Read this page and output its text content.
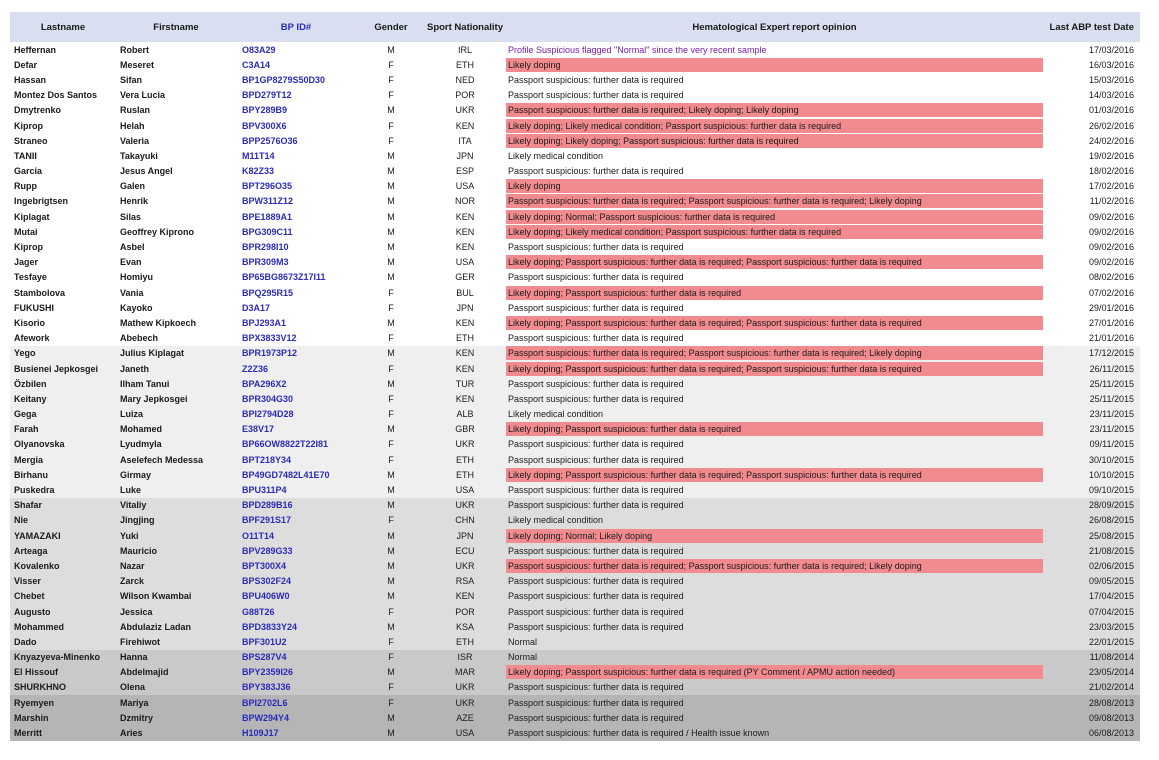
Lastname	Firstname	BP ID#	Gender	Sport Nationality	Hematological Expert report opinion	Last ABP test Date
Heffernan	Robert	O83A29	M	IRL	Profile Suspicious flagged "Normal" since the very recent sample	17/03/2016
Defar	Meseret	C3A14	F	ETH	Likely doping	16/03/2016
Hassan	Sifan	BP1GP8279S50D30	F	NED	Passport suspicious: further data is required	15/03/2016
Montez Dos Santos	Vera Lucia	BPD279T12	F	POR	Passport suspicious: further data is required	14/03/2016
Dmytrenko	Ruslan	BPY289B9	M	UKR	Passport suspicious: further data is required; Likely doping; Likely doping	01/03/2016
Kiprop	Helah	BPV300X6	F	KEN	Likely doping; Likely medical condition; Passport suspicious: further data is required	26/02/2016
Straneo	Valeria	BPP2576O36	F	ITA	Likely doping; Likely doping; Passport suspicious: further data is required	24/02/2016
TANII	Takayuki	M11T14	M	JPN	Likely medical condition	19/02/2016
Garcia	Jesus Angel	K82Z33	M	ESP	Passport suspicious: further data is required	18/02/2016
Rupp	Galen	BPT296O35	M	USA	Likely doping	17/02/2016
Ingebrigtsen	Henrik	BPW311Z12	M	NOR	Passport suspicious: further data is required; Passport suspicious: further data is required; Likely doping	11/02/2016
Kiplagat	Silas	BPE1889A1	M	KEN	Likely doping; Normal; Passport suspicious: further data is required	09/02/2016
Mutai	Geoffrey Kiprono	BPG309C11	M	KEN	Likely doping; Likely medical condition; Passport suspicious: further data is required	09/02/2016
Kiprop	Asbel	BPR298I10	M	KEN	Passport suspicious: further data is required	09/02/2016
Jager	Evan	BPR309M3	M	USA	Likely doping; Passport suspicious: further data is required; Passport suspicious: further data is required	09/02/2016
Tesfaye	Homiyu	BP65BG8673Z17I11	M	GER	Passport suspicious: further data is required	08/02/2016
Stambolova	Vania	BPQ295R15	F	BUL	Likely doping; Passport suspicious: further data is required	07/02/2016
FUKUSHI	Kayoko	D3A17	F	JPN	Passport suspicious: further data is required	29/01/2016
Kisorio	Mathew Kipkoech	BPJ293A1	M	KEN	Likely doping; Passport suspicious: further data is required; Passport suspicious: further data is required	27/01/2016
Afework	Abebech	BPX3833V12	F	ETH	Passport suspicious: further data is required	21/01/2016
Yego	Julius Kiplagat	BPR1973P12	M	KEN	Passport suspicious: further data is required; Passport suspicious: further data is required; Likely doping	17/12/2015
Busienei Jepkosgei	Janeth	Z2Z36	F	KEN	Likely doping; Passport suspicious: further data is required; Passport suspicious: further data is required	26/11/2015
Özbilen	Ilham Tanui	BPA296X2	M	TUR	Passport suspicious: further data is required	25/11/2015
Keitany	Mary Jepkosgei	BPR304G30	F	KEN	Passport suspicious: further data is required	25/11/2015
Gega	Luiza	BPI2794D28	F	ALB	Likely medical condition	23/11/2015
Farah	Mohamed	E38V17	M	GBR	Likely doping; Passport suspicious: further data is required	23/11/2015
Olyanovska	Lyudmyla	BP66OW8822T22I81	F	UKR	Passport suspicious: further data is required	09/11/2015
Mergia	Aselefech Medessa	BPT218Y34	F	ETH	Passport suspicious: further data is required	30/10/2015
Birhanu	Girmay	BP49GD7482L41E70	M	ETH	Likely doping; Passport suspicious: further data is required; Passport suspicious: further data is required	10/10/2015
Puskedra	Luke	BPU311P4	M	USA	Passport suspicious: further data is required	09/10/2015
Shafar	Vitaliy	BPD289B16	M	UKR	Passport suspicious: further data is required	28/09/2015
Nie	Jingjing	BPF291S17	F	CHN	Likely medical condition	26/08/2015
YAMAZAKI	Yuki	O11T14	M	JPN	Likely doping; Normal; Likely doping	25/08/2015
Arteaga	Mauricio	BPV289G33	M	ECU	Passport suspicious: further data is required	21/08/2015
Kovalenko	Nazar	BPT300X4	M	UKR	Passport suspicious: further data is required; Passport suspicious: further data is required; Likely doping	02/06/2015
Visser	Zarck	BPS302F24	M	RSA	Passport suspicious: further data is required	09/05/2015
Chebet	Wilson Kwambai	BPU406W0	M	KEN	Passport suspicious: further data is required	17/04/2015
Augusto	Jessica	G88T26	F	POR	Passport suspicious: further data is required	07/04/2015
Mohammed	Abdulaziz Ladan	BPD3833Y24	M	KSA	Passport suspicious: further data is required	23/03/2015
Dado	Firehiwot	BPF301U2	F	ETH	Normal	22/01/2015
Knyazyeva-Minenko	Hanna	BPS287V4	F	ISR	Normal	11/08/2014
El Hissouf	Abdelmajid	BPY2359I26	M	MAR	Likely doping; Passport suspicious: further data is required (PY Comment / APMU action needed)	23/05/2014
SHURKHNO	Olena	BPY383J36	F	UKR	Passport suspicious: further data is required	21/02/2014
Ryemyen	Mariya	BPI2702L6	F	UKR	Passport suspicious: further data is required	28/08/2013
Marshin	Dzmitry	BPW294Y4	M	AZE	Passport suspicious: further data is required	09/08/2013
Merritt	Aries	H109J17	M	USA	Passport suspicious: further data is required / Health issue known	06/08/2013
